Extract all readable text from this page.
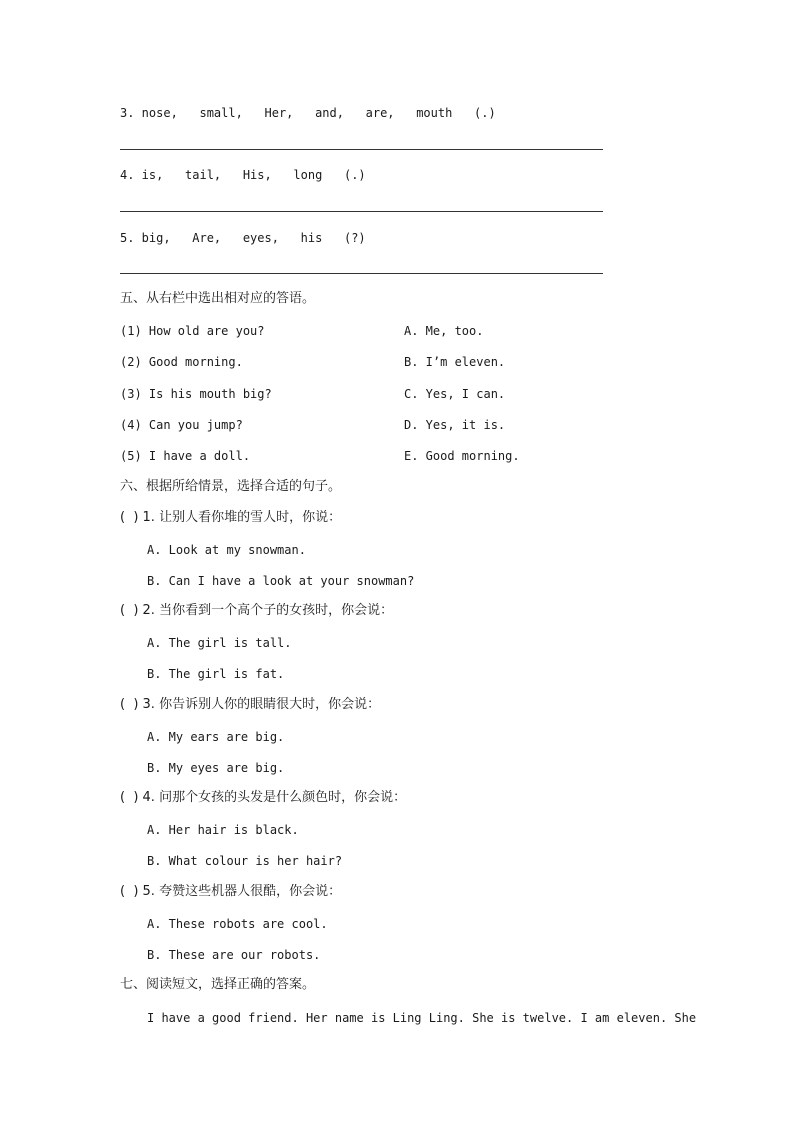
3. nose,   small,   Her,   and,   are,   mouth   (.)
4. is,   tail,   His,   long   (.)
5. big,   Are,   eyes,   his   (?)
五、从右栏中选出相对应的答语。
(1) How old are you?	A. Me, too.
(2) Good morning.	B. I’m eleven.
(3) Is his mouth big?	C. Yes, I can.
(4) Can you jump?	D. Yes, it is.
(5) I have a doll.	E. Good morning.
六、根据所给情景，选择合适的句子。
(  ) 1. 让别人看你堆的雪人时，你说：
A. Look at my snowman.
B. Can I have a look at your snowman?
(  ) 2. 当你看到一个高个子的女孩时，你会说：
A. The girl is tall.
B. The girl is fat.
(  ) 3. 你告诉别人你的眼睛很大时，你会说：
A. My ears are big.
B. My eyes are big.
(  ) 4. 问那个女孩的头发是什么颜色时，你会说：
A. Her hair is black.
B. What colour is her hair?
(  ) 5. 夸赞这些机器人很酷，你会说：
A. These robots are cool.
B. These are our robots.
七、阅读短文，选择正确的答案。
I have a good friend. Her name is Ling Ling. She is twelve. I am eleven. She
